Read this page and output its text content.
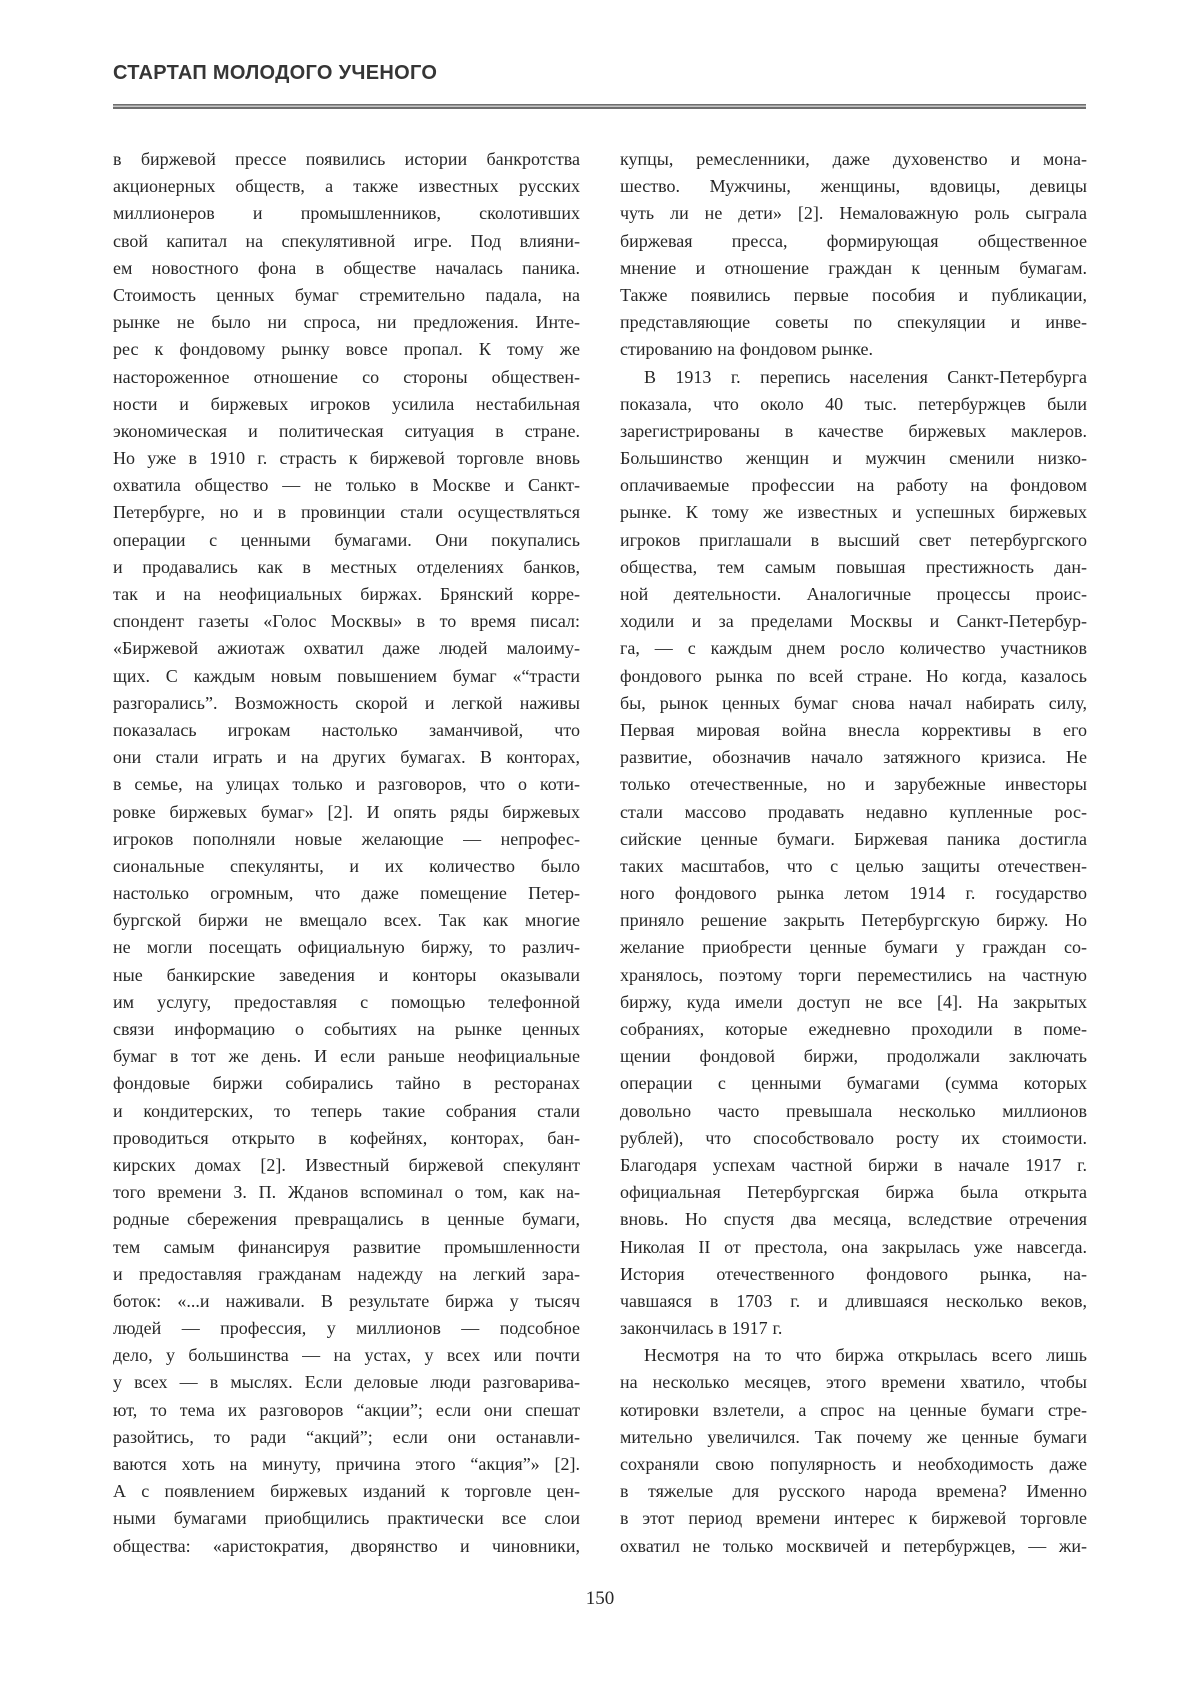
СТАРТАП МОЛОДОГО УЧЕНОГО
в биржевой прессе появились истории банкротства
акционерных обществ, а также известных русских
миллионеров и промышленников, сколотивших
свой капитал на спекулятивной игре. Под влияни-
ем новостного фона в обществе началась паника.
Стоимость ценных бумаг стремительно падала, на
рынке не было ни спроса, ни предложения. Инте-
рес к фондовому рынку вовсе пропал. К тому же
настороженное отношение со стороны обществен-
ности и биржевых игроков усилила нестабильная
экономическая и политическая ситуация в стране.
Но уже в 1910 г. страсть к биржевой торговле вновь
охватила общество — не только в Москве и Санкт-
Петербурге, но и в провинции стали осуществляться
операции с ценными бумагами. Они покупались
и продавались как в местных отделениях банков,
так и на неофициальных биржах. Брянский корре-
спондент газеты «Голос Москвы» в то время писал:
«Биржевой ажиотаж охватил даже людей малоиму-
щих. С каждым новым повышением бумаг «“трасти
разгорались”. Возможность скорой и легкой наживы
показалась игрокам настолько заманчивой, что
они стали играть и на других бумагах. В конторах,
в семье, на улицах только и разговоров, что о коти-
ровке биржевых бумаг» [2]. И опять ряды биржевых
игроков пополняли новые желающие — непрофес-
сиональные спекулянты, и их количество было
настолько огромным, что даже помещение Петер-
бургской биржи не вмещало всех. Так как многие
не могли посещать официальную биржу, то различ-
ные банкирские заведения и конторы оказывали
им услугу, предоставляя с помощью телефонной
связи информацию о событиях на рынке ценных
бумаг в тот же день. И если раньше неофициальные
фондовые биржи собирались тайно в ресторанах
и кондитерских, то теперь такие собрания стали
проводиться открыто в кофейнях, конторах, бан-
кирских домах [2]. Известный биржевой спекулянт
того времени З. П. Жданов вспоминал о том, как на-
родные сбережения превращались в ценные бумаги,
тем самым финансируя развитие промышленности
и предоставляя гражданам надежду на легкий зара-
боток: «...и наживали. В результате биржа у тысяч
людей — профессия, у миллионов — подсобное
дело, у большинства — на устах, у всех или почти
у всех — в мыслях. Если деловые люди разговарива-
ют, то тема их разговоров “акции”; если они спешат
разойтись, то ради “акций”; если они останавли-
ваются хоть на минуту, причина этого “акция”» [2].
А с появлением биржевых изданий к торговле цен-
ными бумагами приобщились практически все слои
общества: «аристократия, дворянство и чиновники,
купцы, ремесленники, даже духовенство и мона-
шество. Мужчины, женщины, вдовицы, девицы
чуть ли не дети» [2]. Немаловажную роль сыграла
биржевая пресса, формирующая общественное
мнение и отношение граждан к ценным бумагам.
Также появились первые пособия и публикации,
представляющие советы по спекуляции и инве-
стированию на фондовом рынке.
В 1913 г. перепись населения Санкт-Петербурга
показала, что около 40 тыс. петербуржцев были
зарегистрированы в качестве биржевых маклеров.
Большинство женщин и мужчин сменили низко-
оплачиваемые профессии на работу на фондовом
рынке. К тому же известных и успешных биржевых
игроков приглашали в высший свет петербургского
общества, тем самым повышая престижность дан-
ной деятельности. Аналогичные процессы проис-
ходили и за пределами Москвы и Санкт-Петербур-
га, — с каждым днем росло количество участников
фондового рынка по всей стране. Но когда, казалось
бы, рынок ценных бумаг снова начал набирать силу,
Первая мировая война внесла коррективы в его
развитие, обозначив начало затяжного кризиса. Не
только отечественные, но и зарубежные инвесторы
стали массово продавать недавно купленные рос-
сийские ценные бумаги. Биржевая паника достигла
таких масштабов, что с целью защиты отечествен-
ного фондового рынка летом 1914 г. государство
приняло решение закрыть Петербургскую биржу. Но
желание приобрести ценные бумаги у граждан со-
хранялось, поэтому торги переместились на частную
биржу, куда имели доступ не все [4]. На закрытых
собраниях, которые ежедневно проходили в поме-
щении фондовой биржи, продолжали заключать
операции с ценными бумагами (сумма которых
довольно часто превышала несколько миллионов
рублей), что способствовало росту их стоимости.
Благодаря успехам частной биржи в начале 1917 г.
официальная Петербургская биржа была открыта
вновь. Но спустя два месяца, вследствие отречения
Николая II от престола, она закрылась уже навсегда.
История отечественного фондового рынка, на-
чавшаяся в 1703 г. и длившаяся несколько веков,
закончилась в 1917 г.
Несмотря на то что биржа открылась всего лишь
на несколько месяцев, этого времени хватило, чтобы
котировки взлетели, а спрос на ценные бумаги стре-
мительно увеличился. Так почему же ценные бумаги
сохраняли свою популярность и необходимость даже
в тяжелые для русского народа времена? Именно
в этот период времени интерес к биржевой торговле
охватил не только москвичей и петербуржцев, — жи-
150
